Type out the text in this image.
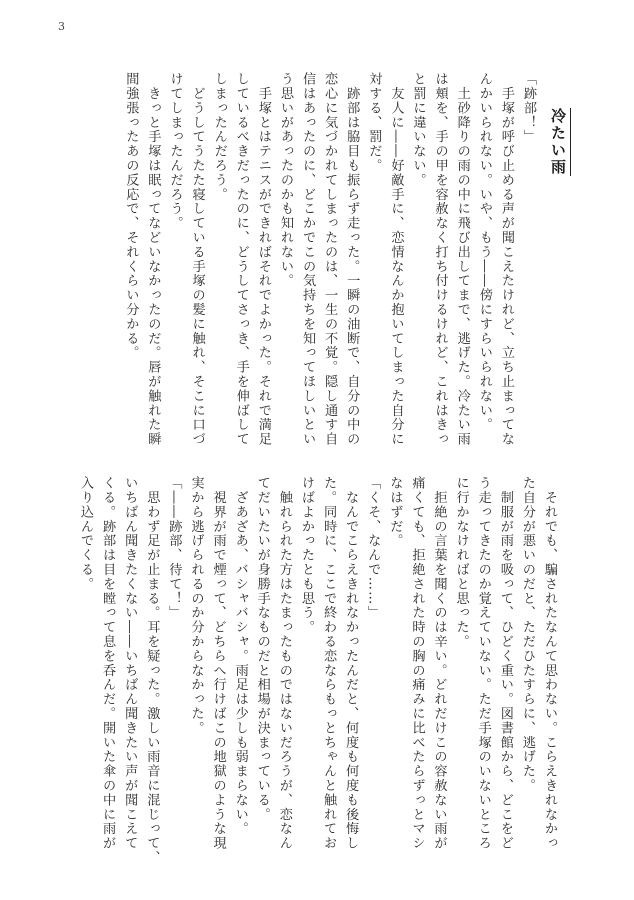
3
冷たい雨
「跡部！」
　手塚が呼び止める声が聞こえたけれど、立ち止まってな
んかいられない。いや、もう――傍にすらいられない。
　土砂降りの雨の中に飛び出してまで、逃げた。冷たい雨
は頬を、手の甲を容赦なく打ち付けるけれど、これはきっ
と罰に違いない。
　友人に――好敵手に、恋情なんか抱いてしまった自分に
対する、罰だ。
　跡部は脇目も振らず走った。一瞬の油断で、自分の中の
恋心に気づかれてしまったのは、一生の不覚。隠し通す自
信はあったのに、どこかでこの気持ちを知ってほしいとい
う思いがあったのかも知れない。
　手塚とはテニスができればそれでよかった。それで満足
しているべきだったのに、どうしてさっき、手を伸ばして
しまったんだろう。
　どうしてうたた寝している手塚の髪に触れ、そこに口づ
けてしまったんだろう。
　きっと手塚は眠ってなどいなかったのだ。唇が触れた瞬
間強張ったあの反応で、それくらい分かる。
　それでも、騙されたなんて思わない。こらえきれなかっ
た自分が悪いのだと、ただひたすらに、逃げた。
　制服が雨を吸って、ひどく重い。図書館から、どこをど
う走ってきたのか覚えていない。ただ手塚のいないところ
に行かなければと思った。
　拒絶の言葉を聞くのは辛い。どれだけこの容赦ない雨が
痛くても、拒絶された時の胸の痛みに比べたらずっとマシ
なはずだ。
「くそ、なんで……」
　なんでこらえきれなかったんだと、何度も何度も後悔し
た。同時に、ここで終わる恋ならもっとちゃんと触れてお
けばよかったとも思う。
　触れられた方はたまったものではないだろうが、恋なん
てだいたいが身勝手なものだと相場が決まっている。
　ざあざあ、バシャバシャ。雨足は少しも弱まらない。
　視界が雨で煙って、どちらへ行けばこの地獄のような現
実から逃げられるのか分からなかった。
「――跡部、待て！」
　思わず足が止まる。耳を疑った。激しい雨音に混じって、
いちばん聞きたくない――いちばん聞きたい声が聞こえて
くる。跡部は目を瞠って息を呑んだ。開いた傘の中に雨が
入り込んでくる。
